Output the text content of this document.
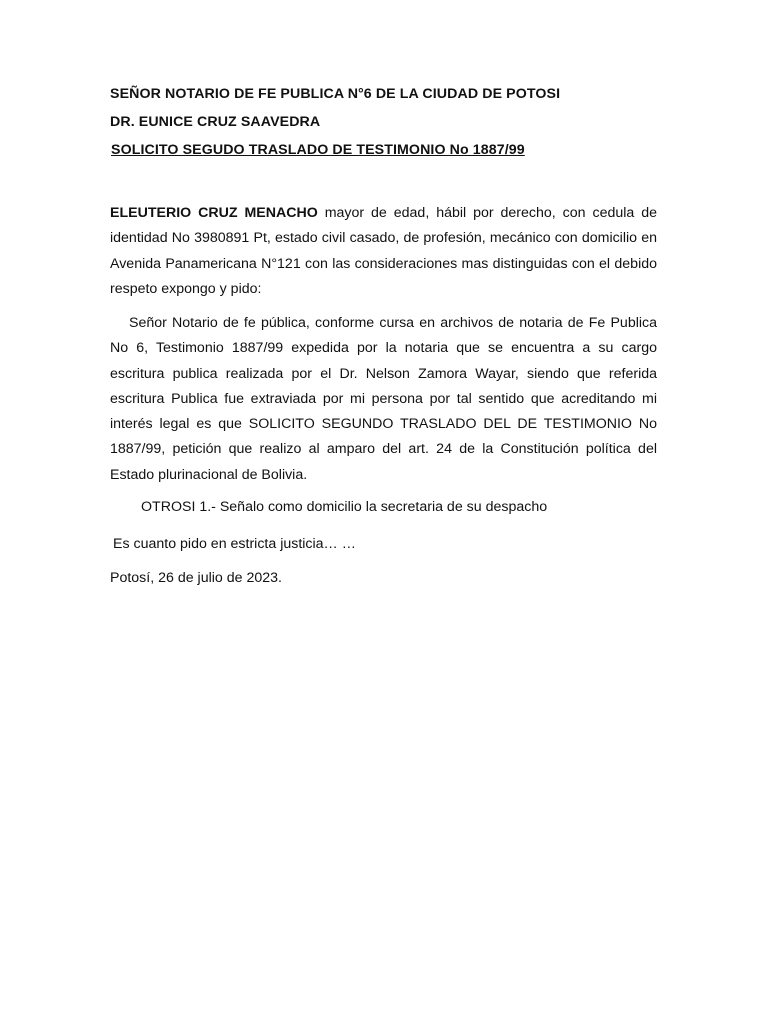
SEÑOR NOTARIO DE FE PUBLICA N°6 DE LA CIUDAD DE POTOSI
DR. EUNICE CRUZ SAAVEDRA
SOLICITO SEGUDO TRASLADO DE TESTIMONIO No 1887/99
ELEUTERIO CRUZ MENACHO mayor de edad, hábil por derecho, con cedula de identidad No 3980891 Pt, estado civil casado, de profesión, mecánico con domicilio en Avenida Panamericana N°121 con las consideraciones mas distinguidas con el debido respeto expongo y pido:
Señor Notario de fe pública, conforme cursa en archivos de notaria de Fe Publica No 6, Testimonio 1887/99 expedida por la notaria que se encuentra a su cargo escritura publica realizada por el Dr. Nelson Zamora Wayar, siendo que referida escritura Publica fue extraviada por mi persona por tal sentido que acreditando mi interés legal es que SOLICITO SEGUNDO TRASLADO DEL DE TESTIMONIO No 1887/99, petición que realizo al amparo del art. 24 de la Constitución política del Estado plurinacional de Bolivia.
OTROSI 1.- Señalo como domicilio la secretaria de su despacho
Es cuanto pido en estricta justicia… …
Potosí, 26 de julio de 2023.
